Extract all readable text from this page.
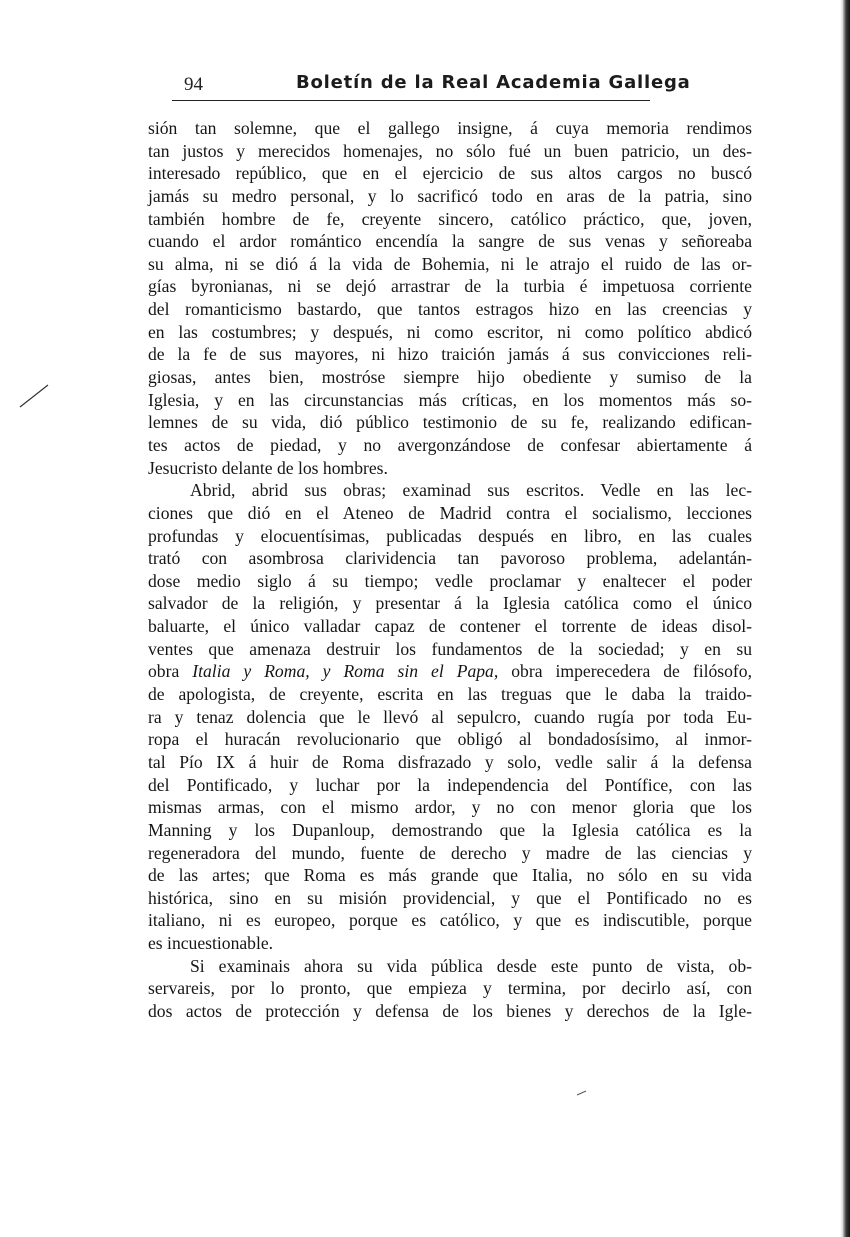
94	Boletín de la Real Academia Gallega
sión tan solemne, que el gallego insigne, á cuya memoria rendimos
tan justos y merecidos homenajes, no sólo fué un buen patricio, un des-
interesado repúblico, que en el ejercicio de sus altos cargos no buscó
jamás su medro personal, y lo sacrificó todo en aras de la patria, sino
también hombre de fe, creyente sincero, católico práctico, que, joven,
cuando el ardor romántico encendía la sangre de sus venas y señoreaba
su alma, ni se dió á la vida de Bohemia, ni le atrajo el ruido de las or-
gías byronianas, ni se dejó arrastrar de la turbia é impetuosa corriente
del romanticismo bastardo, que tantos estragos hizo en las creencias y
en las costumbres; y después, ni como escritor, ni como político abdicó
de la fe de sus mayores, ni hizo traición jamás á sus convicciones reli-
giosas, antes bien, mostróse siempre hijo obediente y sumiso de la
Iglesia, y en las circunstancias más críticas, en los momentos más so-
lemnes de su vida, dió público testimonio de su fe, realizando edifican-
tes actos de piedad, y no avergonzándose de confesar abiertamente á
Jesucristo delante de los hombres.
Abrid, abrid sus obras; examinad sus escritos. Vedle en las lec-
ciones que dió en el Ateneo de Madrid contra el socialismo, lecciones
profundas y elocuentísimas, publicadas después en libro, en las cuales
trató con asombrosa clarividencia tan pavoroso problema, adelantán-
dose medio siglo á su tiempo; vedle proclamar y enaltecer el poder
salvador de la religión, y presentar á la Iglesia católica como el único
baluarte, el único valladar capaz de contener el torrente de ideas disol-
ventes que amenaza destruir los fundamentos de la sociedad; y en su
obra Italia y Roma, y Roma sin el Papa, obra imperecedera de filósofo,
de apologista, de creyente, escrita en las treguas que le daba la traido-
ra y tenaz dolencia que le llevó al sepulcro, cuando rugía por toda Eu-
ropa el huracán revolucionario que obligó al bondadosísimo, al inmor-
tal Pío IX á huir de Roma disfrazado y solo, vedle salir á la defensa
del Pontificado, y luchar por la independencia del Pontífice, con las
mismas armas, con el mismo ardor, y no con menor gloria que los
Manning y los Dupanloup, demostrando que la Iglesia católica es la
regeneradora del mundo, fuente de derecho y madre de las ciencias y
de las artes; que Roma es más grande que Italia, no sólo en su vida
histórica, sino en su misión providencial, y que el Pontificado no es
italiano, ni es europeo, porque es católico, y que es indiscutible, porque
es incuestionable.
Si examinais ahora su vida pública desde este punto de vista, ob-
servareis, por lo pronto, que empieza y termina, por decirlo así, con
dos actos de protección y defensa de los bienes y derechos de la Igle-
